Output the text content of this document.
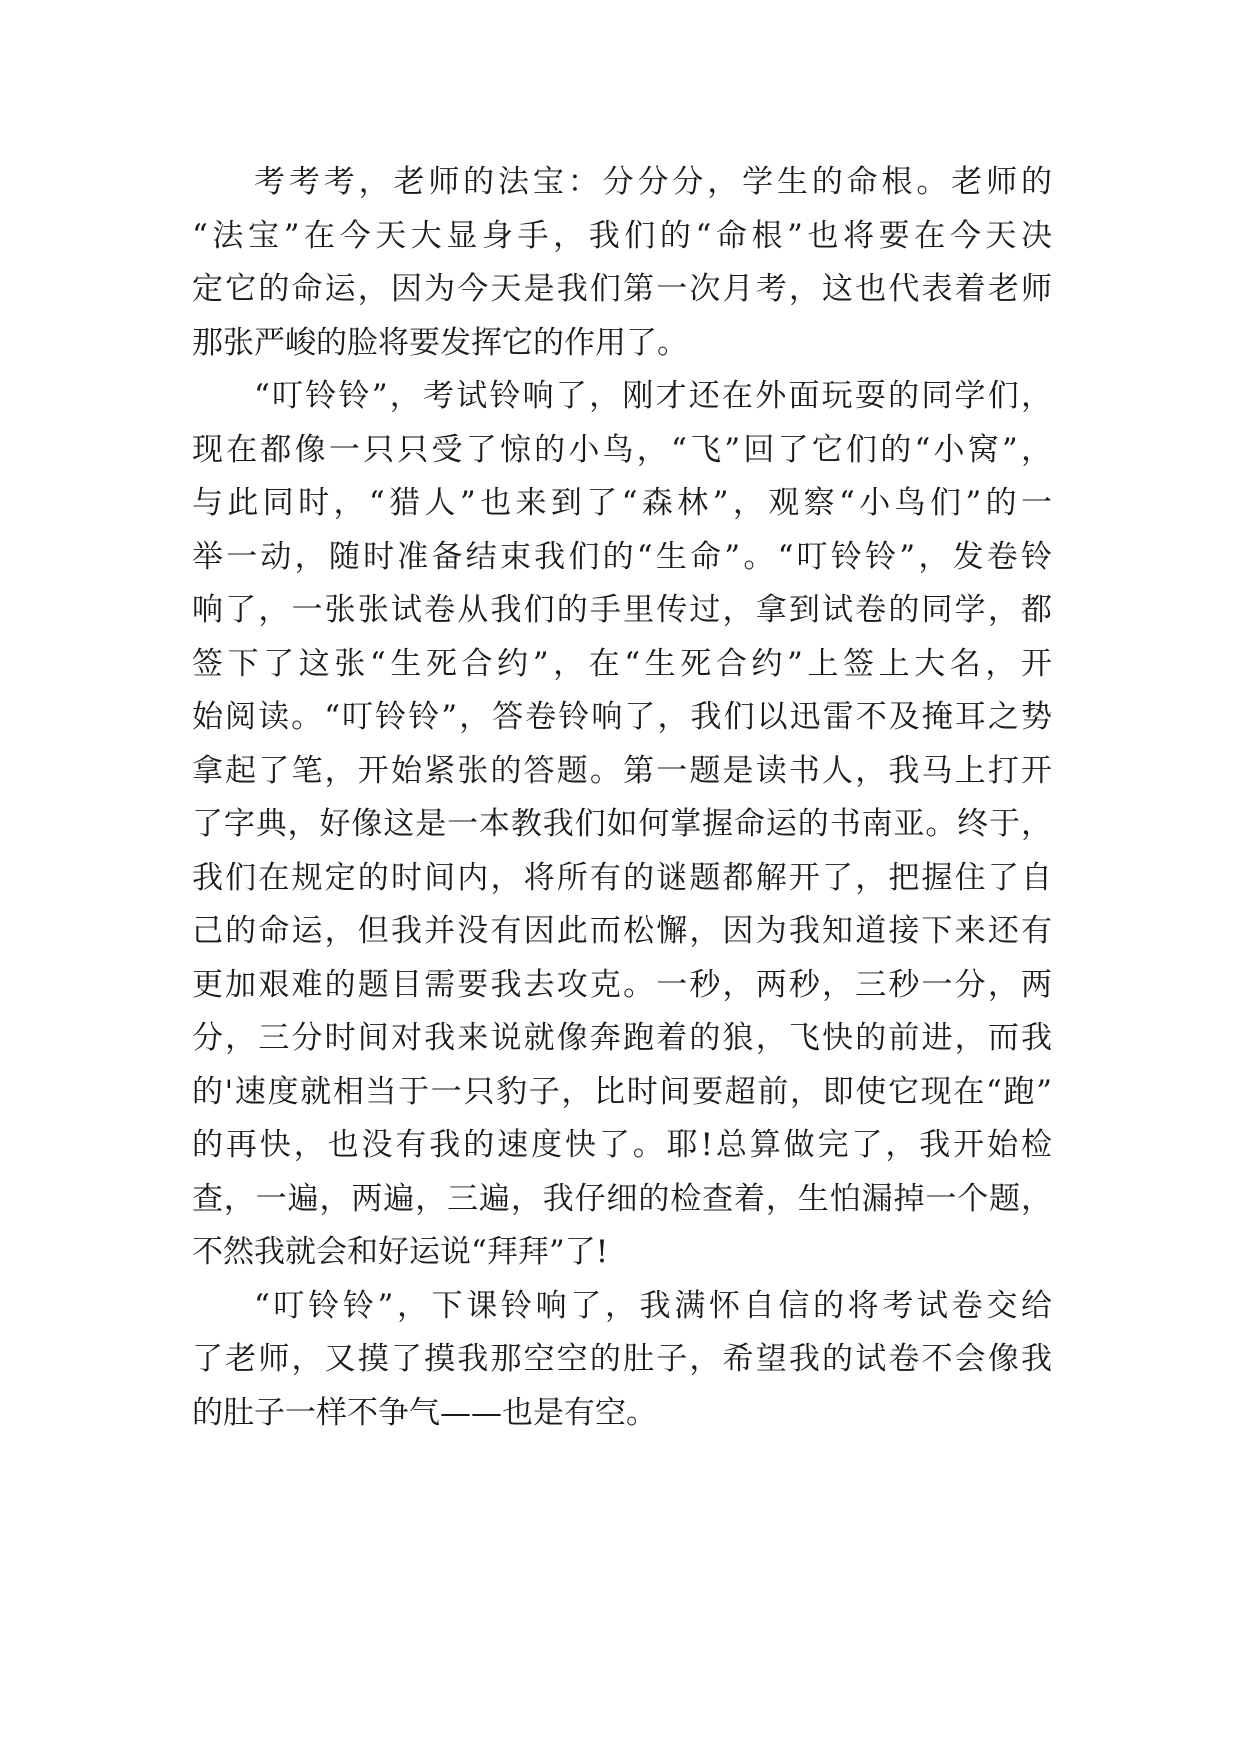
考考考，老师的法宝：分分分，学生的命根。老师的
“法宝”在今天大显身手，我们的“命根”也将要在今天决
定它的命运，因为今天是我们第一次月考，这也代表着老师
那张严峻的脸将要发挥它的作用了。
“叮铃铃”，考试铃响了，刚才还在外面玩耍的同学们，
现在都像一只只受了惊的小鸟，“飞”回了它们的“小窝”，
与此同时，“猎人”也来到了“森林”，观察“小鸟们”的一
举一动，随时准备结束我们的“生命”。“叮铃铃”，发卷铃
响了，一张张试卷从我们的手里传过，拿到试卷的同学，都
签下了这张“生死合约”，在“生死合约”上签上大名，开
始阅读。“叮铃铃”，答卷铃响了，我们以迅雷不及掩耳之势
拿起了笔，开始紧张的答题。第一题是读书人，我马上打开
了字典，好像这是一本教我们如何掌握命运的书南亚。终于，
我们在规定的时间内，将所有的谜题都解开了，把握住了自
己的命运，但我并没有因此而松懈，因为我知道接下来还有
更加艰难的题目需要我去攻克。一秒，两秒，三秒一分，两
分，三分时间对我来说就像奔跑着的狼，飞快的前进，而我
的'速度就相当于一只豹子，比时间要超前，即使它现在“跑”
的再快，也没有我的速度快了。耶!总算做完了，我开始检
查，一遍，两遍，三遍，我仔细的检查着，生怕漏掉一个题，
不然我就会和好运说“拜拜”了!
“叮铃铃”，下课铃响了，我满怀自信的将考试卷交给
了老师，又摸了摸我那空空的肚子，希望我的试卷不会像我
的肚子一样不争气——也是有空。
